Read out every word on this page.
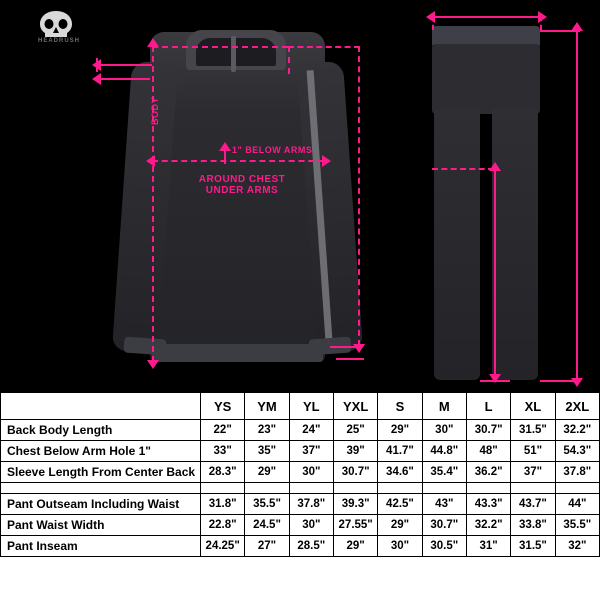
HEADRUSH
BODY
1" BELOW ARMS
AROUND CHEST
UNDER ARMS
	YS	YM	YL	YXL	S	M	L	XL	2XL
Back Body Length	22"	23"	24"	25"	29"	30"	30.7"	31.5"	32.2"
Chest Below Arm Hole 1"	33"	35"	37"	39"	41.7"	44.8"	48"	51"	54.3"
Sleeve Length From Center Back	28.3"	29"	30"	30.7"	34.6"	35.4"	36.2"	37"	37.8"

Pant Outseam Including Waist	31.8"	35.5"	37.8"	39.3"	42.5"	43"	43.3"	43.7"	44"
Pant Waist Width	22.8"	24.5"	30"	27.55"	29"	30.7"	32.2"	33.8"	35.5"
Pant Inseam	24.25"	27"	28.5"	29"	30"	30.5"	31"	31.5"	32"
